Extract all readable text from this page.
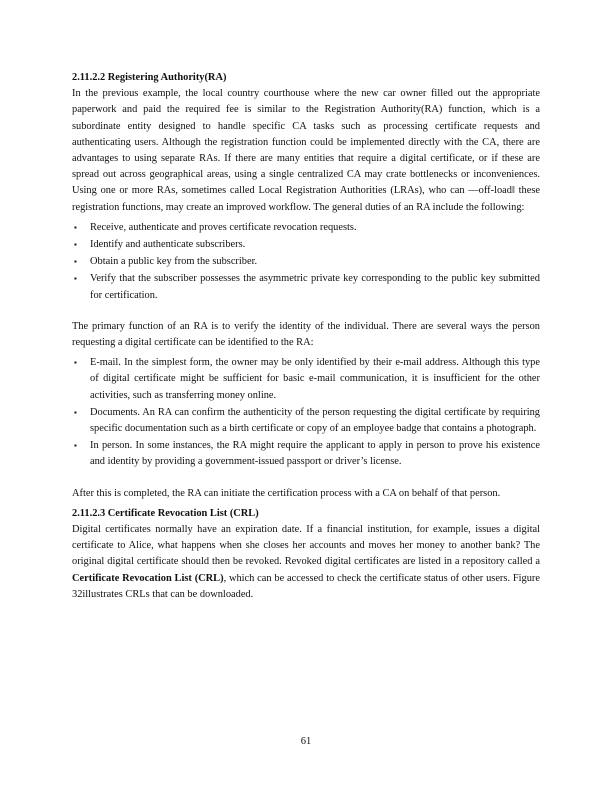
2.11.2.2 Registering Authority(RA)

In the previous example, the local country courthouse where the new car owner filled out the appropriate paperwork and paid the required fee is similar to the Registration Authority(RA) function, which is a subordinate entity designed to handle specific CA tasks such as processing certificate requests and authenticating users. Although the registration function could be implemented directly with the CA, there are advantages to using separate RAs. If there are many entities that require a digital certificate, or if these are spread out across geographical areas, using a single centralized CA may crate bottlenecks or inconveniences. Using one or more RAs, sometimes called Local Registration Authorities (LRAs), who can —off-load‖ these registration functions, may create an improved workflow. The general duties of an RA include the following:

▪ Receive, authenticate and proves certificate revocation requests.
▪ Identify and authenticate subscribers.
▪ Obtain a public key from the subscriber.
▪ Verify that the subscriber possesses the asymmetric private key corresponding to the public key submitted for certification.

The primary function of an RA is to verify the identity of the individual. There are several ways the person requesting a digital certificate can be identified to the RA:

▪ E-mail. In the simplest form, the owner may be only identified by their e-mail address. Although this type of digital certificate might be sufficient for basic e-mail communication, it is insufficient for the other activities, such as transferring money online.
▪ Documents. An RA can confirm the authenticity of the person requesting the digital certificate by requiring specific documentation such as a birth certificate or copy of an employee badge that contains a photograph.
▪ In person. In some instances, the RA might require the applicant to apply in person to prove his existence and identity by providing a government-issued passport or driver’s license.

After this is completed, the RA can initiate the certification process with a CA on behalf of that person.

2.11.2.3 Certificate Revocation List (CRL)

Digital certificates normally have an expiration date. If a financial institution, for example, issues a digital certificate to Alice, what happens when she closes her accounts and moves her money to another bank? The original digital certificate should then be revoked. Revoked digital certificates are listed in a repository called a Certificate Revocation List (CRL), which can be accessed to check the certificate status of other users. Figure 32illustrates CRLs that can be downloaded.

61
